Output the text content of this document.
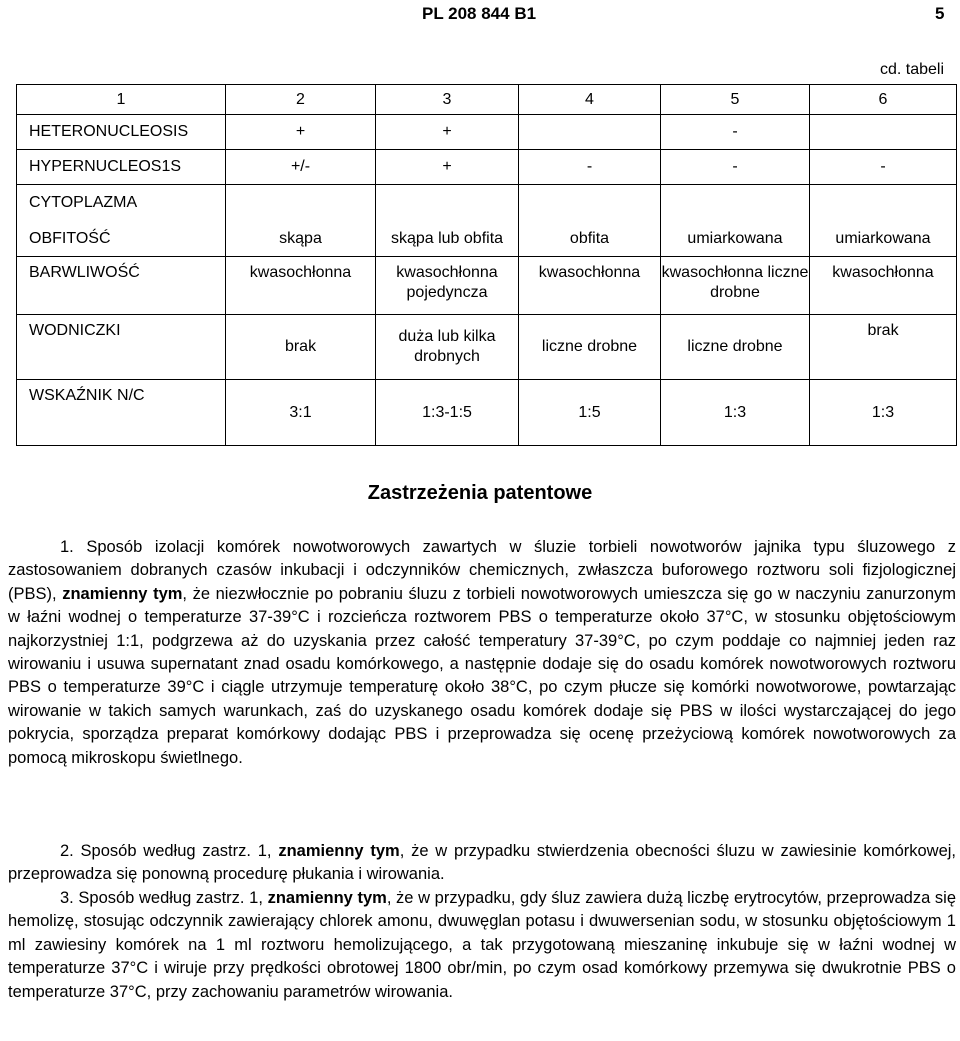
PL 208 844 B1	5
cd. tabeli
1	2	3	4	5	6
HETERONUCLEOSIS	+	+		-	
HYPERNUCLEOS1S	+/-	+	-	-	-
CYTOPLAZMA					
OBFITOŚĆ	skąpa	skąpa lub obfita	obfita	umiarkowana	umiarkowana
BARWLIWOŚĆ	kwasochłonna	kwasochłonna pojedyncza	kwasochłonna	kwasochłonna liczne drobne	kwasochłonna
WODNICZKI	brak	duża lub kilka drobnych	liczne drobne	liczne drobne	brak
WSKAŹNIK N/C	3:1	1:3-1:5	1:5	1:3	1:3
Zastrzeżenia patentowe

1. Sposób izolacji komórek nowotworowych zawartych w śluzie torbieli nowotworów jajnika typu śluzowego z zastosowaniem dobranych czasów inkubacji i odczynników chemicznych, zwłaszcza buforowego roztworu soli fizjologicznej (PBS), znamienny tym, że niezwłocznie po pobraniu śluzu z torbieli nowotworowych umieszcza się go w naczyniu zanurzonym w łaźni wodnej o temperaturze 37-39°C i rozcieńcza roztworem PBS o temperaturze około 37°C, w stosunku objętościowym najkorzystniej 1:1, podgrzewa aż do uzyskania przez całość temperatury 37-39°C, po czym poddaje co najmniej jeden raz wirowaniu i usuwa supernatant znad osadu komórkowego, a następnie dodaje się do osadu komórek nowotworowych roztworu PBS o temperaturze 39°C i ciągle utrzymuje temperaturę około 38°C, po czym płucze się komórki nowotworowe, powtarzając wirowanie w takich samych warunkach, zaś do uzyskanego osadu komórek dodaje się PBS w ilości wystarczającej do jego pokrycia, sporządza preparat komórkowy dodając PBS i przeprowadza się ocenę przeżyciową komórek nowotworowych za pomocą mikroskopu świetlnego.

2. Sposób według zastrz. 1, znamienny tym, że w przypadku stwierdzenia obecności śluzu w zawiesinie komórkowej, przeprowadza się ponowną procedurę płukania i wirowania.

3. Sposób według zastrz. 1, znamienny tym, że w przypadku, gdy śluz zawiera dużą liczbę erytrocytów, przeprowadza się hemolizę, stosując odczynnik zawierający chlorek amonu, dwuwęglan potasu i dwuwersenian sodu, w stosunku objętościowym 1 ml zawiesiny komórek na 1 ml roztworu hemolizującego, a tak przygotowaną mieszaninę inkubuje się w łaźni wodnej w temperaturze 37°C i wiruje przy prędkości obrotowej 1800 obr/min, po czym osad komórkowy przemywa się dwukrotnie PBS o temperaturze 37°C, przy zachowaniu parametrów wirowania.
